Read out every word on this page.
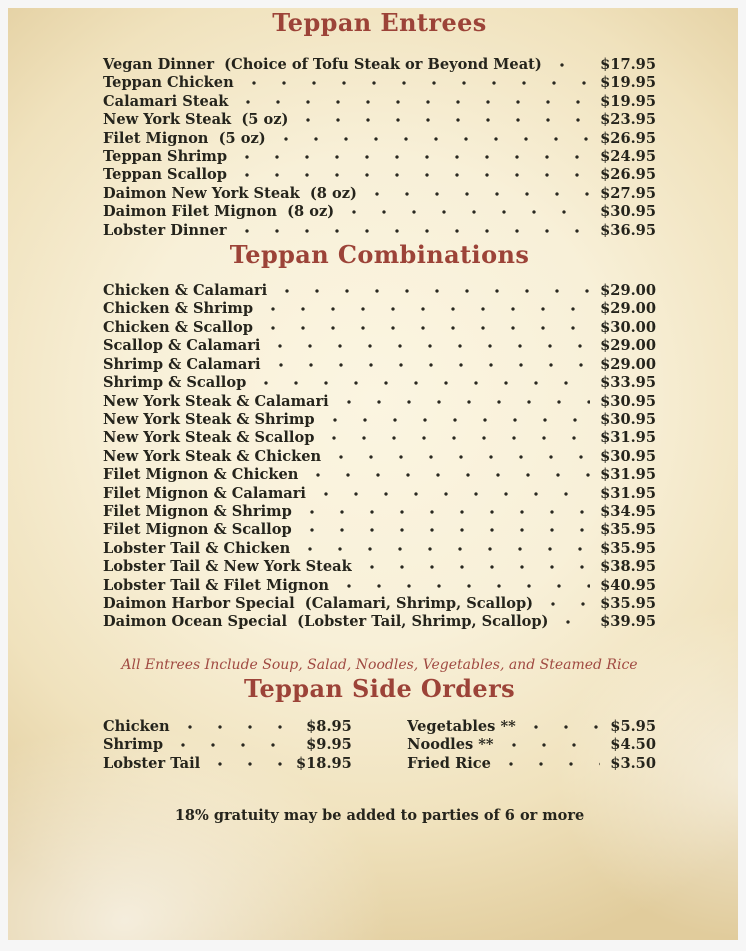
Teppan Entrees
Vegan Dinner  (Choice of Tofu Steak or Beyond Meat)	$17.95
Teppan Chicken	$19.95
Calamari Steak	$19.95
New York Steak  (5 oz)	$23.95
Filet Mignon  (5 oz)	$26.95
Teppan Shrimp	$24.95
Teppan Scallop	$26.95
Daimon New York Steak  (8 oz)	$27.95
Daimon Filet Mignon  (8 oz)	$30.95
Lobster Dinner	$36.95
Teppan Combinations
Chicken & Calamari	$29.00
Chicken & Shrimp	$29.00
Chicken & Scallop	$30.00
Scallop & Calamari	$29.00
Shrimp & Calamari	$29.00
Shrimp & Scallop	$33.95
New York Steak & Calamari	$30.95
New York Steak & Shrimp	$30.95
New York Steak & Scallop	$31.95
New York Steak & Chicken	$30.95
Filet Mignon & Chicken	$31.95
Filet Mignon & Calamari	$31.95
Filet Mignon & Shrimp	$34.95
Filet Mignon & Scallop	$35.95
Lobster Tail & Chicken	$35.95
Lobster Tail & New York Steak	$38.95
Lobster Tail & Filet Mignon	$40.95
Daimon Harbor Special  (Calamari, Shrimp, Scallop)	$35.95
Daimon Ocean Special  (Lobster Tail, Shrimp, Scallop)	$39.95

All Entrees Include Soup, Salad, Noodles, Vegetables, and Steamed Rice

Teppan Side Orders
Chicken	$8.95
Shrimp	$9.95
Lobster Tail	$18.95
Vegetables **	$5.95
Noodles **	$4.50
Fried Rice	$3.50

18% gratuity may be added to parties of 6 or more
